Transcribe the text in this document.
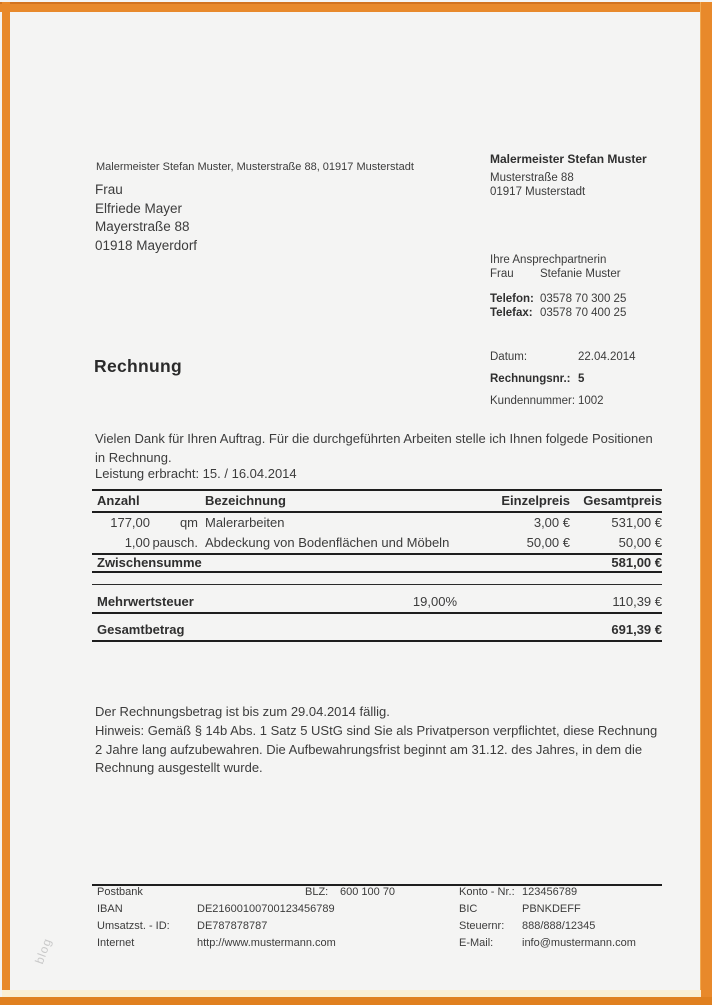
blog
Malermeister Stefan Muster, Musterstraße 88, 01917 Musterstadt
Frau
Elfriede Mayer
Mayerstraße 88
01918 Mayerdorf
Malermeister Stefan Muster
Musterstraße 88
01917 Musterstadt
Ihre Ansprechpartnerin
Frau Stefanie Muster
Telefon: 03578 70 300 25
Telefax: 03578 70 400 25
Rechnung	Datum:	22.04.2014
Rechnungsnr.: 5
Kundennummer: 1002
Vielen Dank für Ihren Auftrag. Für die durchgeführten Arbeiten stelle ich Ihnen folgede Positionen
in Rechnung.
Leistung erbracht: 15. / 16.04.2014
Anzahl	Bezeichnung	Einzelpreis	Gesamtpreis
177,00	qm Malerarbeiten	3,00 €	531,00 €
1,00 pausch. Abdeckung von Bodenflächen und Möbeln	50,00 €	50,00 €
Zwischensumme	581,00 €
Mehrwertsteuer	19,00%	110,39 €
Gesamtbetrag	691,39 €
Der Rechnungsbetrag ist bis zum 29.04.2014 fällig.
Hinweis: Gemäß § 14b Abs. 1 Satz 5 UStG sind Sie als Privatperson verpflichtet, diese Rechnung
2 Jahre lang aufzubewahren. Die Aufbewahrungsfrist beginnt am 31.12. des Jahres, in dem die
Rechnung ausgestellt wurde.
Postbank	BLZ: 600 100 70	Konto - Nr.: 123456789
IBAN	DE21600100700123456789	BIC	PBNKDEFF
Umsatzst. - ID: DE787878787	Steuernr: 888/888/12345
Internet	http://www.mustermann.com	E-Mail:	info@mustermann.com
